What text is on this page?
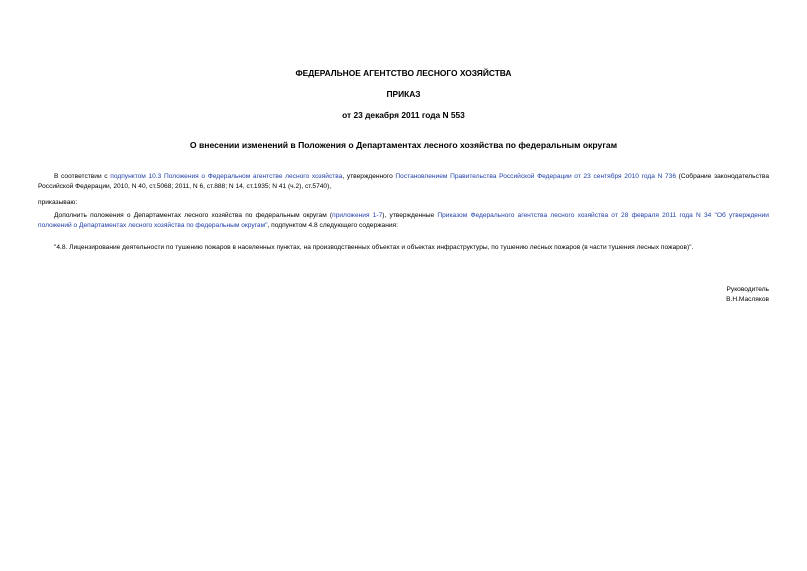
ФЕДЕРАЛЬНОЕ АГЕНТСТВО ЛЕСНОГО ХОЗЯЙСТВА
ПРИКАЗ
от 23 декабря 2011 года N 553
О внесении изменений в Положения о Департаментах лесного хозяйства по федеральным округам
В соответствии с подпунктом 10.3 Положения о Федеральном агентстве лесного хозяйства, утвержденного Постановлением Правительства Российской Федерации от 23 сентября 2010 года N 736 (Собрание законодательства Российской Федерации, 2010, N 40, ст.5068; 2011, N 6, ст.888; N 14, ст.1935; N 41 (ч.2), ст.5740),
приказываю:
Дополнить положения о Департаментах лесного хозяйства по федеральным округам (приложения 1-7), утвержденные Приказом Федерального агентства лесного хозяйства от 28 февраля 2011 года N 34 "Об утверждении положений о Департаментах лесного хозяйства по федеральным округам", подпунктом 4.8 следующего содержания:
"4.8. Лицензирование деятельности по тушению пожаров в населенных пунктах, на производственных объектах и объектах инфраструктуры, по тушению лесных пожаров (в части тушения лесных пожаров)".
Руководитель
В.Н.Масляков
